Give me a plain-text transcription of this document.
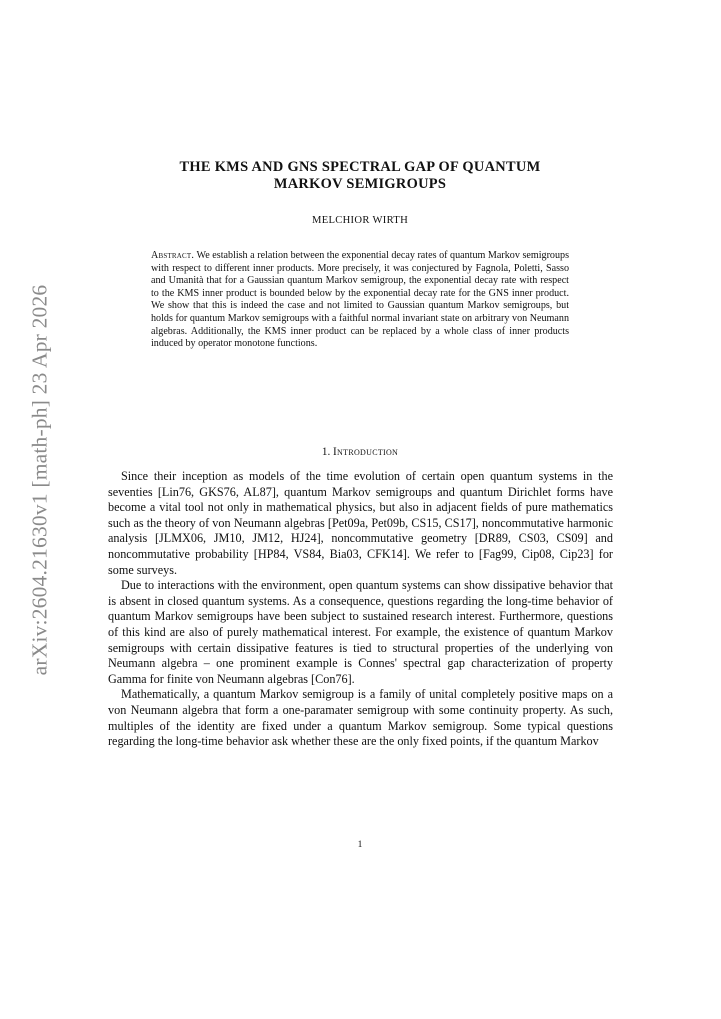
arXiv:2604.21630v1 [math-ph] 23 Apr 2026
THE KMS AND GNS SPECTRAL GAP OF QUANTUM
MARKOV SEMIGROUPS
MELCHIOR WIRTH
Abstract. We establish a relation between the exponential decay rates of quantum Markov semigroups with respect to different inner products. More precisely, it was conjectured by Fagnola, Poletti, Sasso and Umanità that for a Gaussian quantum Markov semigroup, the exponential decay rate with respect to the KMS inner product is bounded below by the exponential decay rate for the GNS inner product. We show that this is indeed the case and not limited to Gaussian quantum Markov semigroups, but holds for quantum Markov semigroups with a faithful normal invariant state on arbitrary von Neumann algebras. Additionally, the KMS inner product can be replaced by a whole class of inner products induced by operator monotone functions.
1. Introduction

Since their inception as models of the time evolution of certain open quantum systems in the seventies [Lin76, GKS76, AL87], quantum Markov semigroups and quantum Dirichlet forms have become a vital tool not only in mathematical physics, but also in adjacent fields of pure mathematics such as the theory of von Neumann algebras [Pet09a, Pet09b, CS15, CS17], noncommutative harmonic analysis [JLMX06, JM10, JM12, HJ24], noncommutative geometry [DR89, CS03, CS09] and noncommutative probability [HP84, VS84, Bia03, CFK14]. We refer to [Fag99, Cip08, Cip23] for some surveys.

Due to interactions with the environment, open quantum systems can show dissipative behavior that is absent in closed quantum systems. As a consequence, questions regarding the long-time behavior of quantum Markov semigroups have been subject to sustained research interest. Furthermore, questions of this kind are also of purely mathematical interest. For example, the existence of quantum Markov semigroups with certain dissipative features is tied to structural properties of the underlying von Neumann algebra – one prominent example is Connes' spectral gap characterization of property Gamma for finite von Neumann algebras [Con76].

Mathematically, a quantum Markov semigroup is a family of unital completely positive maps on a von Neumann algebra that form a one-paramater semigroup with some continuity property. As such, multiples of the identity are fixed under a quantum Markov semigroup. Some typical questions regarding the long-time behavior ask whether these are the only fixed points, if the quantum Markov

1
